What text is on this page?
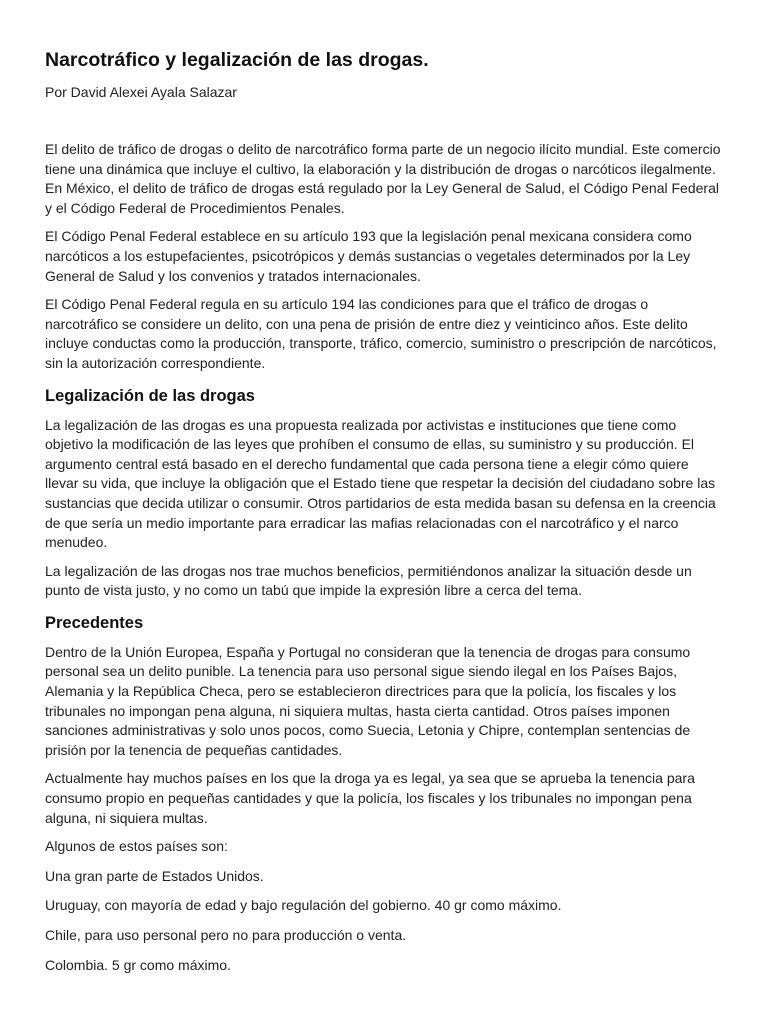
Narcotráfico y legalización de las drogas.

Por David Alexei Ayala Salazar

El delito de tráfico de drogas o delito de narcotráfico forma parte de un negocio ilícito mundial. Este comercio tiene una dinámica que incluye el cultivo, la elaboración y la distribución de drogas o narcóticos ilegalmente. En México, el delito de tráfico de drogas está regulado por la Ley General de Salud, el Código Penal Federal y el Código Federal de Procedimientos Penales.

El Código Penal Federal establece en su artículo 193 que la legislación penal mexicana considera como narcóticos a los estupefacientes, psicotrópicos y demás sustancias o vegetales determinados por la Ley General de Salud y los convenios y tratados internacionales.

El Código Penal Federal regula en su artículo 194 las condiciones para que el tráfico de drogas o narcotráfico se considere un delito, con una pena de prisión de entre diez y veinticinco años. Este delito incluye conductas como la producción, transporte, tráfico, comercio, suministro o prescripción de narcóticos, sin la autorización correspondiente.

Legalización de las drogas

La legalización de las drogas es una propuesta realizada por activistas e instituciones que tiene como objetivo la modificación de las leyes que prohíben el consumo de ellas, su suministro y su producción. El argumento central está basado en el derecho fundamental que cada persona tiene a elegir cómo quiere llevar su vida, que incluye la obligación que el Estado tiene que respetar la decisión del ciudadano sobre las sustancias que decida utilizar o consumir. Otros partidarios de esta medida basan su defensa en la creencia de que sería un medio importante para erradicar las mafias relacionadas con el narcotráfico y el narco menudeo.

La legalización de las drogas nos trae muchos beneficios, permitiéndonos analizar la situación desde un punto de vista justo, y no como un tabú que impide la expresión libre a cerca del tema.

Precedentes

Dentro de la Unión Europea, España y Portugal no consideran que la tenencia de drogas para consumo personal sea un delito punible. La tenencia para uso personal sigue siendo ilegal en los Países Bajos, Alemania y la República Checa, pero se establecieron directrices para que la policía, los fiscales y los tribunales no impongan pena alguna, ni siquiera multas, hasta cierta cantidad. Otros países imponen sanciones administrativas y solo unos pocos, como Suecia, Letonia y Chipre, contemplan sentencias de prisión por la tenencia de pequeñas cantidades.

Actualmente hay muchos países en los que la droga ya es legal, ya sea que se aprueba la tenencia para consumo propio en pequeñas cantidades y que la policía, los fiscales y los tribunales no impongan pena alguna, ni siquiera multas.

Algunos de estos países son:

Una gran parte de Estados Unidos.

Uruguay, con mayoría de edad y bajo regulación del gobierno. 40 gr como máximo.

Chile, para uso personal pero no para producción o venta.

Colombia. 5 gr como máximo.
